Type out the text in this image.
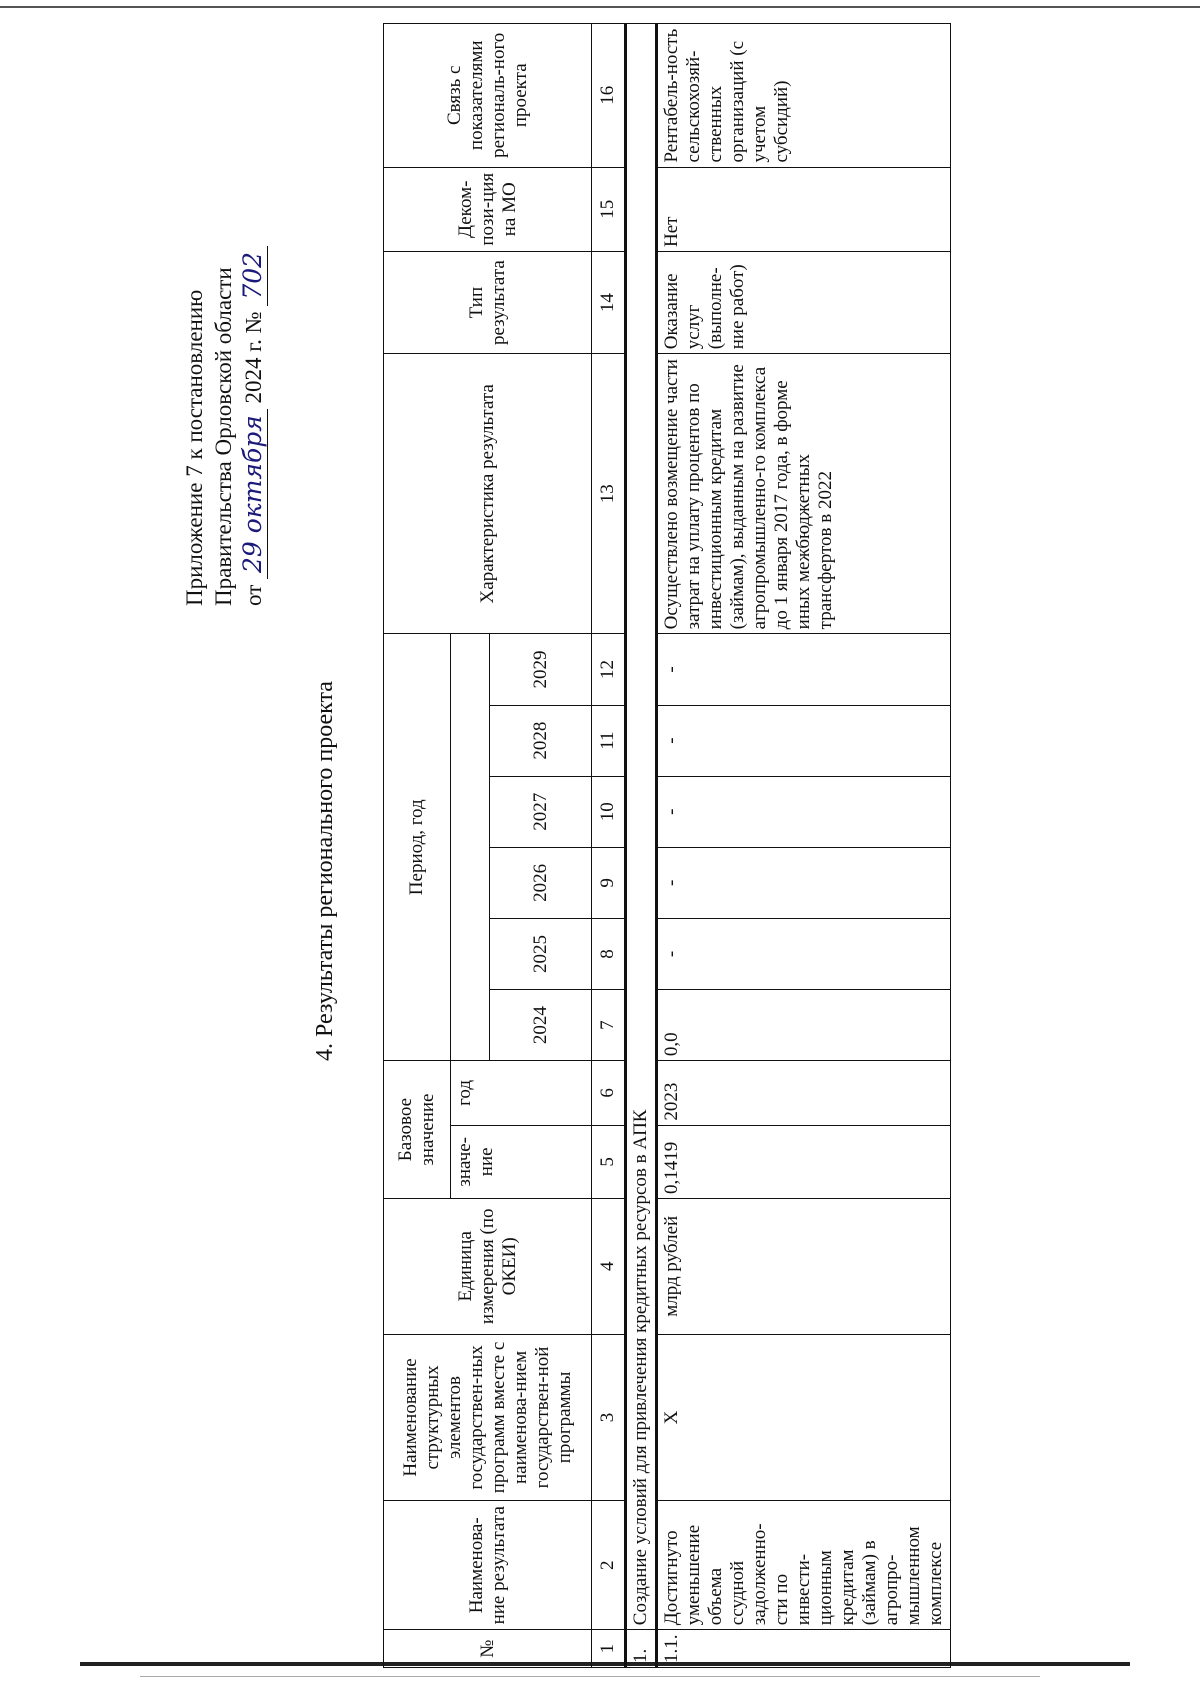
Приложение 7 к постановлению Правительства Орловской области от 29 октября 2024 г. № 702
4. Результаты регионального проекта
№	Наименова-ние результата	Наименование структурных элементов государствен-ных программ вместе с наименова-нием государствен-ной программы	Единица измерения (по ОКЕИ)	Базовое значение		Период, год						Характеристика результата	Тип результата	Деком-пози-ция на МО	Связь с показателями региональ-ного проекта
				значе-ние	год										
						2024	2025	2026	2027	2028	2029				
1	2	3	4	5	6	7	8	9	10	11	12	13	14	15	16
1.	Создание условий для привлечения кредитных ресурсов в АПК														
1.1.	Достигнуто уменьшение объема ссудной задолженно-сти по инвести-ционным кредитам (займам) в агропро-мышленном комплексе	Х	млрд рублей	0,1419	2023	0,0	-	-	-	-	-	Осуществлено возмещение части затрат на уплату процентов по инвестиционным кредитам (займам), выданным на развитие агропромышленно-го комплекса до 1 января 2017 года, в форме иных межбюджетных трансфертов в 2022	Оказание услуг (выполне-ние работ)	Нет	Рентабель-ность сельскохозяй-ственных организаций (с учетом субсидий)
